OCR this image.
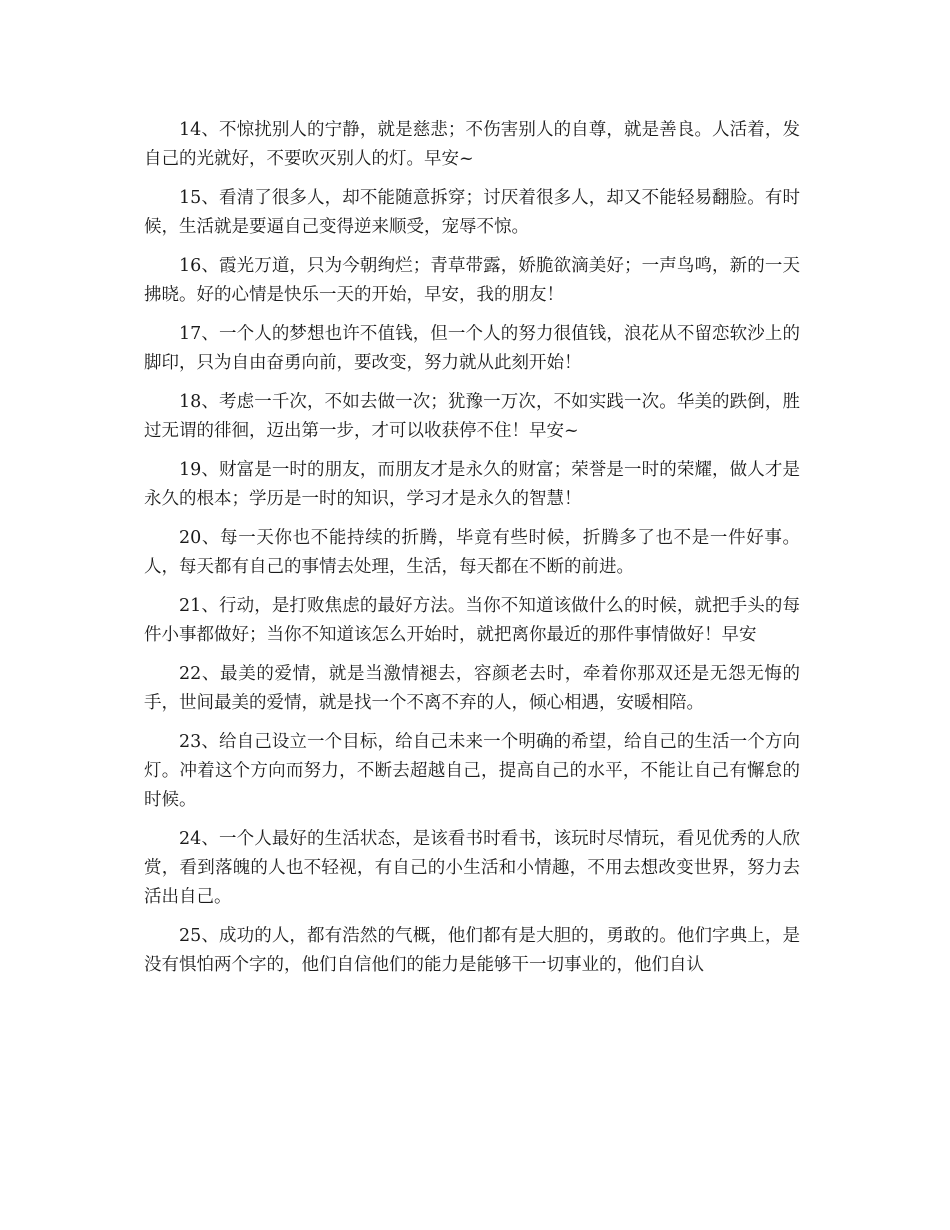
14、不惊扰别人的宁静，就是慈悲；不伤害别人的自尊，就是善良。人活着，发自己的光就好，不要吹灭别人的灯。早安~

15、看清了很多人，却不能随意拆穿；讨厌着很多人，却又不能轻易翻脸。有时候，生活就是要逼自己变得逆来顺受，宠辱不惊。

16、霞光万道，只为今朝绚烂；青草带露，娇脆欲滴美好；一声鸟鸣，新的一天拂晓。好的心情是快乐一天的开始，早安，我的朋友！

17、一个人的梦想也许不值钱，但一个人的努力很值钱，浪花从不留恋软沙上的脚印，只为自由奋勇向前，要改变，努力就从此刻开始！

18、考虑一千次，不如去做一次；犹豫一万次，不如实践一次。华美的跌倒，胜过无谓的徘徊，迈出第一步，才可以收获停不住！早安~

19、财富是一时的朋友，而朋友才是永久的财富；荣誉是一时的荣耀，做人才是永久的根本；学历是一时的知识，学习才是永久的智慧！

20、每一天你也不能持续的折腾，毕竟有些时候，折腾多了也不是一件好事。人，每天都有自己的事情去处理，生活，每天都在不断的前进。

21、行动，是打败焦虑的最好方法。当你不知道该做什么的时候，就把手头的每件小事都做好；当你不知道该怎么开始时，就把离你最近的那件事情做好！早安

22、最美的爱情，就是当激情褪去，容颜老去时，牵着你那双还是无怨无悔的手，世间最美的爱情，就是找一个不离不弃的人，倾心相遇，安暖相陪。

23、给自己设立一个目标，给自己未来一个明确的希望，给自己的生活一个方向灯。冲着这个方向而努力，不断去超越自己，提高自己的水平，不能让自己有懈怠的时候。

24、一个人最好的生活状态，是该看书时看书，该玩时尽情玩，看见优秀的人欣赏，看到落魄的人也不轻视，有自己的小生活和小情趣，不用去想改变世界，努力去活出自己。

25、成功的人，都有浩然的气概，他们都有是大胆的，勇敢的。他们字典上，是没有惧怕两个字的，他们自信他们的能力是能够干一切事业的，他们自认
